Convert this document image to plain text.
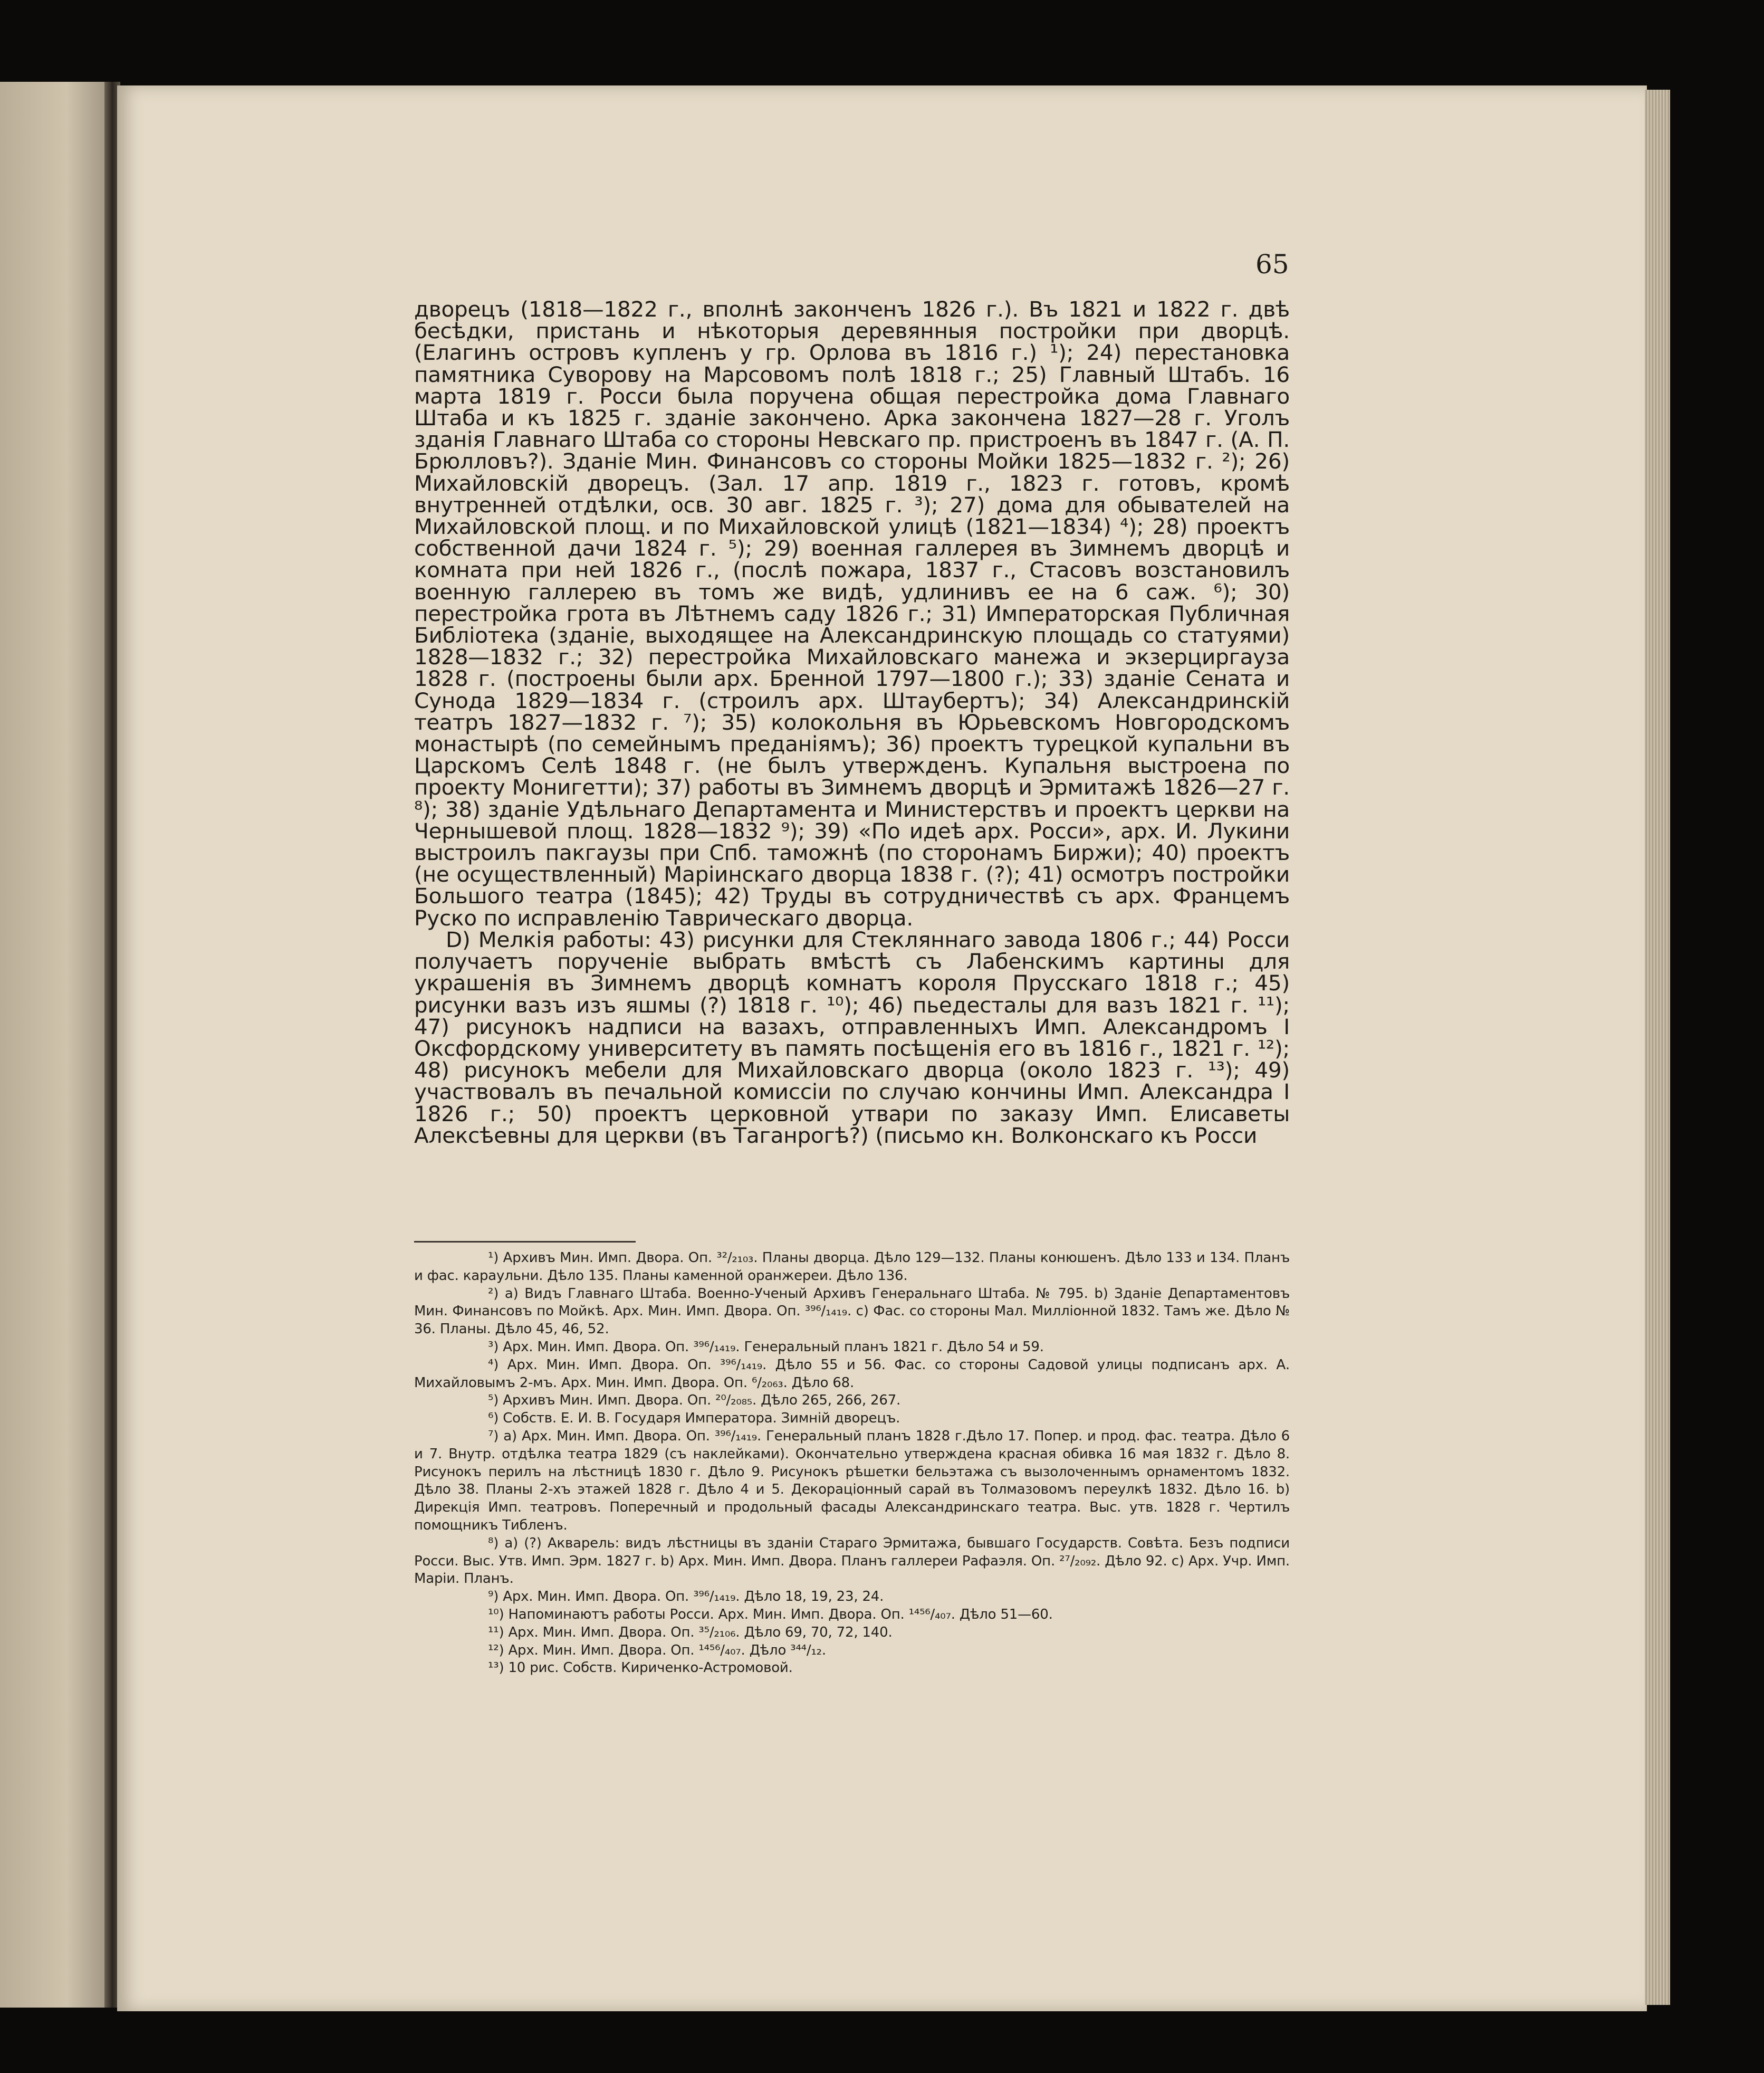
65

дворецъ (1818—1822 г., вполнѣ законченъ 1826 г.). Въ 1821 и 1822 г. двѣ бесѣдки, пристань и нѣкоторыя деревянныя постройки при дворцѣ. (Елагинъ островъ купленъ у гр. Орлова въ 1816 г.) ¹); 24) перестановка памятника Суворову на Марсовомъ полѣ 1818 г.; 25) Главный Штабъ. 16 марта 1819 г. Росси была поручена общая перестройка дома Главнаго Штаба и къ 1825 г. зданіе закончено. Арка закончена 1827—28 г. Уголъ зданія Главнаго Штаба со стороны Невскаго пр. пристроенъ въ 1847 г. (А. П. Брюлловъ?). Зданіе Мин. Финансовъ со стороны Мойки 1825—1832 г. ²); 26) Михайловскій дворецъ. (Зал. 17 апр. 1819 г., 1823 г. готовъ, кромѣ внутренней отдѣлки, осв. 30 авг. 1825 г. ³); 27) дома для обывателей на Михайловской площ. и по Михайловской улицѣ (1821—1834) ⁴); 28) проектъ собственной дачи 1824 г. ⁵); 29) военная галлерея въ Зимнемъ дворцѣ и комната при ней 1826 г., (послѣ пожара, 1837 г., Стасовъ возстановилъ военную галлерею въ томъ же видѣ, удлинивъ ее на 6 саж. ⁶); 30) перестройка грота въ Лѣтнемъ саду 1826 г.; 31) Императорская Публичная Библіотека (зданіе, выходящее на Александринскую площадь со статуями) 1828—1832 г.; 32) перестройка Михайловскаго манежа и экзерциргауза 1828 г. (построены были арх. Бренной 1797—1800 г.); 33) зданіе Сената и Сунода 1829—1834 г. (строилъ арх. Штаубертъ); 34) Александринскій театръ 1827—1832 г. ⁷); 35) колокольня въ Юрьевскомъ Новгородскомъ монастырѣ (по семейнымъ преданіямъ); 36) проектъ турецкой купальни въ Царскомъ Селѣ 1848 г. (не былъ утвержденъ. Купальня выстроена по проекту Монигетти); 37) работы въ Зимнемъ дворцѣ и Эрмитажѣ 1826—27 г. ⁸); 38) зданіе Удѣльнаго Департамента и Министерствъ и проектъ церкви на Чернышевой площ. 1828—1832 ⁹); 39) «По идеѣ арх. Росси», арх. И. Лукини выстроилъ пакгаузы при Спб. таможнѣ (по сторонамъ Биржи); 40) проектъ (не осуществленный) Маріинскаго дворца 1838 г. (?); 41) осмотръ постройки Большого театра (1845); 42) Труды въ сотрудничествѣ съ арх. Францемъ Руско по исправленію Таврическаго дворца.

D) Мелкія работы: 43) рисунки для Стекляннаго завода 1806 г.; 44) Росси получаетъ порученіе выбрать вмѣстѣ съ Лабенскимъ картины для украшенія въ Зимнемъ дворцѣ комнатъ короля Прусскаго 1818 г.; 45) рисунки вазъ изъ яшмы (?) 1818 г. ¹⁰); 46) пьедесталы для вазъ 1821 г. ¹¹); 47) рисунокъ надписи на вазахъ, отправленныхъ Имп. Александромъ I Оксфордскому университету въ память посѣщенія его въ 1816 г., 1821 г. ¹²); 48) рисунокъ мебели для Михайловскаго дворца (около 1823 г. ¹³); 49) участвовалъ въ печальной комиссіи по случаю кончины Имп. Александра I 1826 г.; 50) проектъ церковной утвари по заказу Имп. Елисаветы Алексѣевны для церкви (въ Таганрогѣ?) (письмо кн. Волконскаго къ Росси

¹) Архивъ Мин. Имп. Двора. Оп. ³²/₂₁₀₃. Планы дворца. Дѣло 129—132. Планы конюшенъ. Дѣло 133 и 134. Планъ и фас. караульни. Дѣло 135. Планы каменной оранжереи. Дѣло 136.

²) a) Видъ Главнаго Штаба. Военно-Ученый Архивъ Генеральнаго Штаба. № 795. b) Зданіе Департаментовъ Мин. Финансовъ по Мойкѣ. Арх. Мин. Имп. Двора. Оп. ³⁹⁶/₁₄₁₉. c) Фас. со стороны Мал. Милліонной 1832. Тамъ же. Дѣло № 36. Планы. Дѣло 45, 46, 52.

³) Арх. Мин. Имп. Двора. Оп. ³⁹⁶/₁₄₁₉. Генеральный планъ 1821 г. Дѣло 54 и 59.

⁴) Арх. Мин. Имп. Двора. Оп. ³⁹⁶/₁₄₁₉. Дѣло 55 и 56. Фас. со стороны Садовой улицы подписанъ арх. А. Михайловымъ 2-мъ. Арх. Мин. Имп. Двора. Оп. ⁶/₂₀₆₃. Дѣло 68.

⁵) Архивъ Мин. Имп. Двора. Оп. ²⁰/₂₀₈₅. Дѣло 265, 266, 267.

⁶) Собств. Е. И. В. Государя Императора. Зимній дворецъ.

⁷) a) Арх. Мин. Имп. Двора. Оп. ³⁹⁶/₁₄₁₉. Генеральный планъ 1828 г.Дѣло 17. Попер. и прод. фас. театра. Дѣло 6 и 7. Внутр. отдѣлка театра 1829 (съ наклейками). Окончательно утверждена красная обивка 16 мая 1832 г. Дѣло 8. Рисунокъ перилъ на лѣстницѣ 1830 г. Дѣло 9. Рисунокъ рѣшетки бельэтажа съ вызолоченнымъ орнаментомъ 1832. Дѣло 38. Планы 2-хъ этажей 1828 г. Дѣло 4 и 5. Декораціонный сарай въ Толмазовомъ переулкѣ 1832. Дѣло 16. b) Дирекція Имп. театровъ. Поперечный и продольный фасады Александринскаго театра. Выс. утв. 1828 г. Чертилъ помощникъ Тибленъ.

⁸) a) (?) Акварель: видъ лѣстницы въ зданіи Стараго Эрмитажа, бывшаго Государств. Совѣта. Безъ подписи Росси. Выс. Утв. Имп. Эрм. 1827 г. b) Арх. Мин. Имп. Двора. Планъ галлереи Рафаэля. Оп. ²⁷/₂₀₉₂. Дѣло 92. c) Арх. Учр. Имп. Маріи. Планъ.

⁹) Арх. Мин. Имп. Двора. Оп. ³⁹⁶/₁₄₁₉. Дѣло 18, 19, 23, 24.

¹⁰) Напоминаютъ работы Росси. Арх. Мин. Имп. Двора. Оп. ¹⁴⁵⁶/₄₀₇. Дѣло 51—60.

¹¹) Арх. Мин. Имп. Двора. Оп. ³⁵/₂₁₀₆. Дѣло 69, 70, 72, 140.

¹²) Арх. Мин. Имп. Двора. Оп. ¹⁴⁵⁶/₄₀₇. Дѣло ³⁴⁴/₁₂.

¹³) 10 рис. Собств. Кириченко-Астромовой.
